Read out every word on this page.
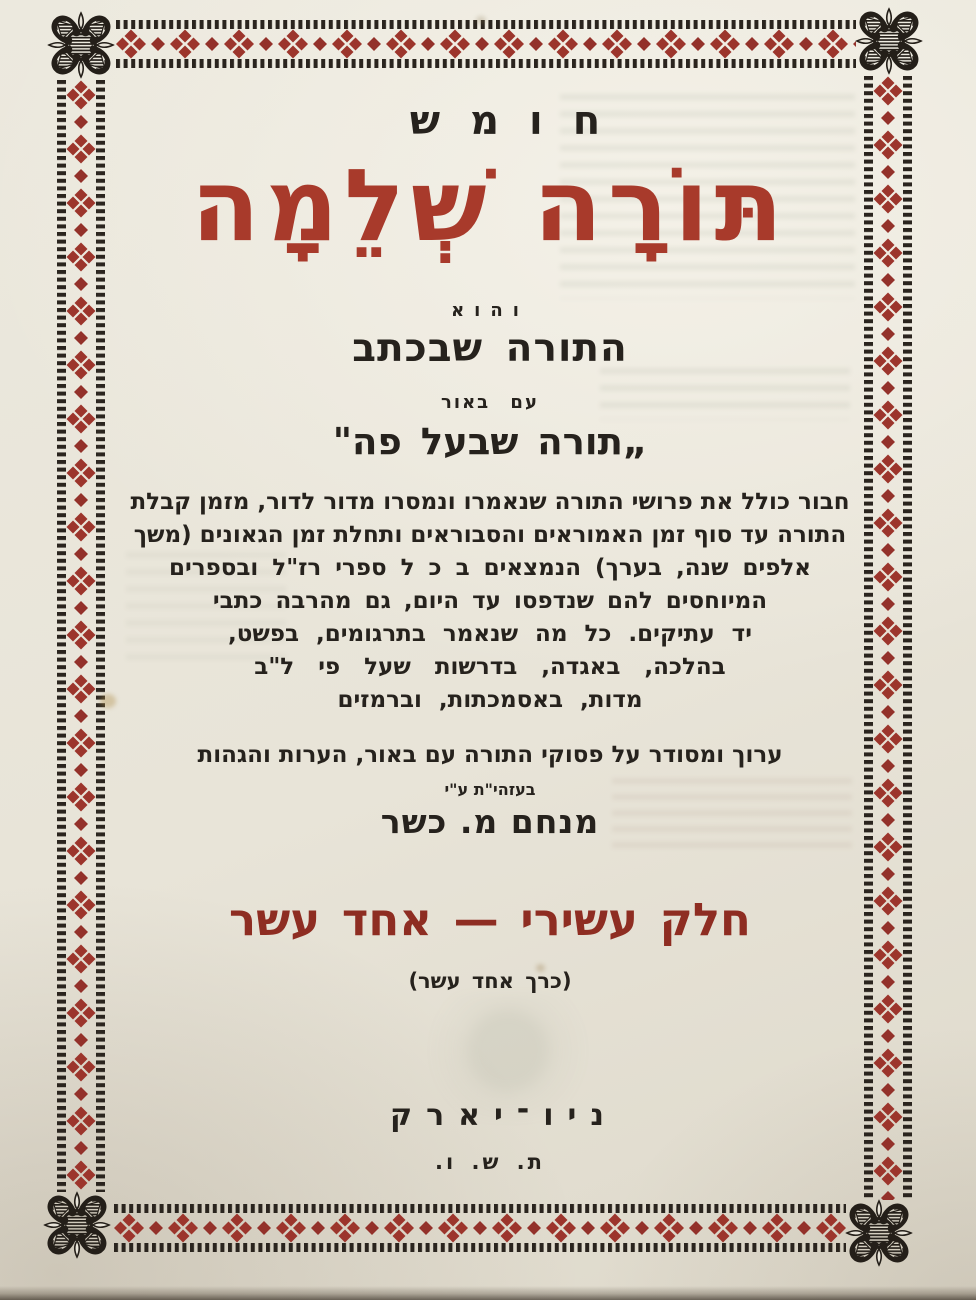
חומש
תּוֹרָה שְׁלֵמָה
והוא
התורה שבכתב
עם באור
„תורה שבעל פה"
חבור כולל את פרושי התורה שנאמרו ונמסרו מדור לדור, מזמן קבלת
התורה עד סוף זמן האמוראים והסבוראים ותחלת זמן הגאונים (משך
אלפים שנה, בערך) הנמצאים ב כ ל ספרי רז"ל ובספרים
המיוחסים להם שנדפסו עד היום, גם מהרבה כתבי
יד עתיקים. כל מה שנאמר בתרגומים, בפשט,
בהלכה, באגדה, בדרשות שעל פי ל"ב
מדות, באסמכתות, וברמזים
ערוך ומסודר על פסוקי התורה עם באור, הערות והגהות
בעזהי"ת ע"י
מנחם מ. כשר
חלק עשירי — אחד עשר
(כרך אחד עשר)
ניו־יארק
ת. ש. ו.
